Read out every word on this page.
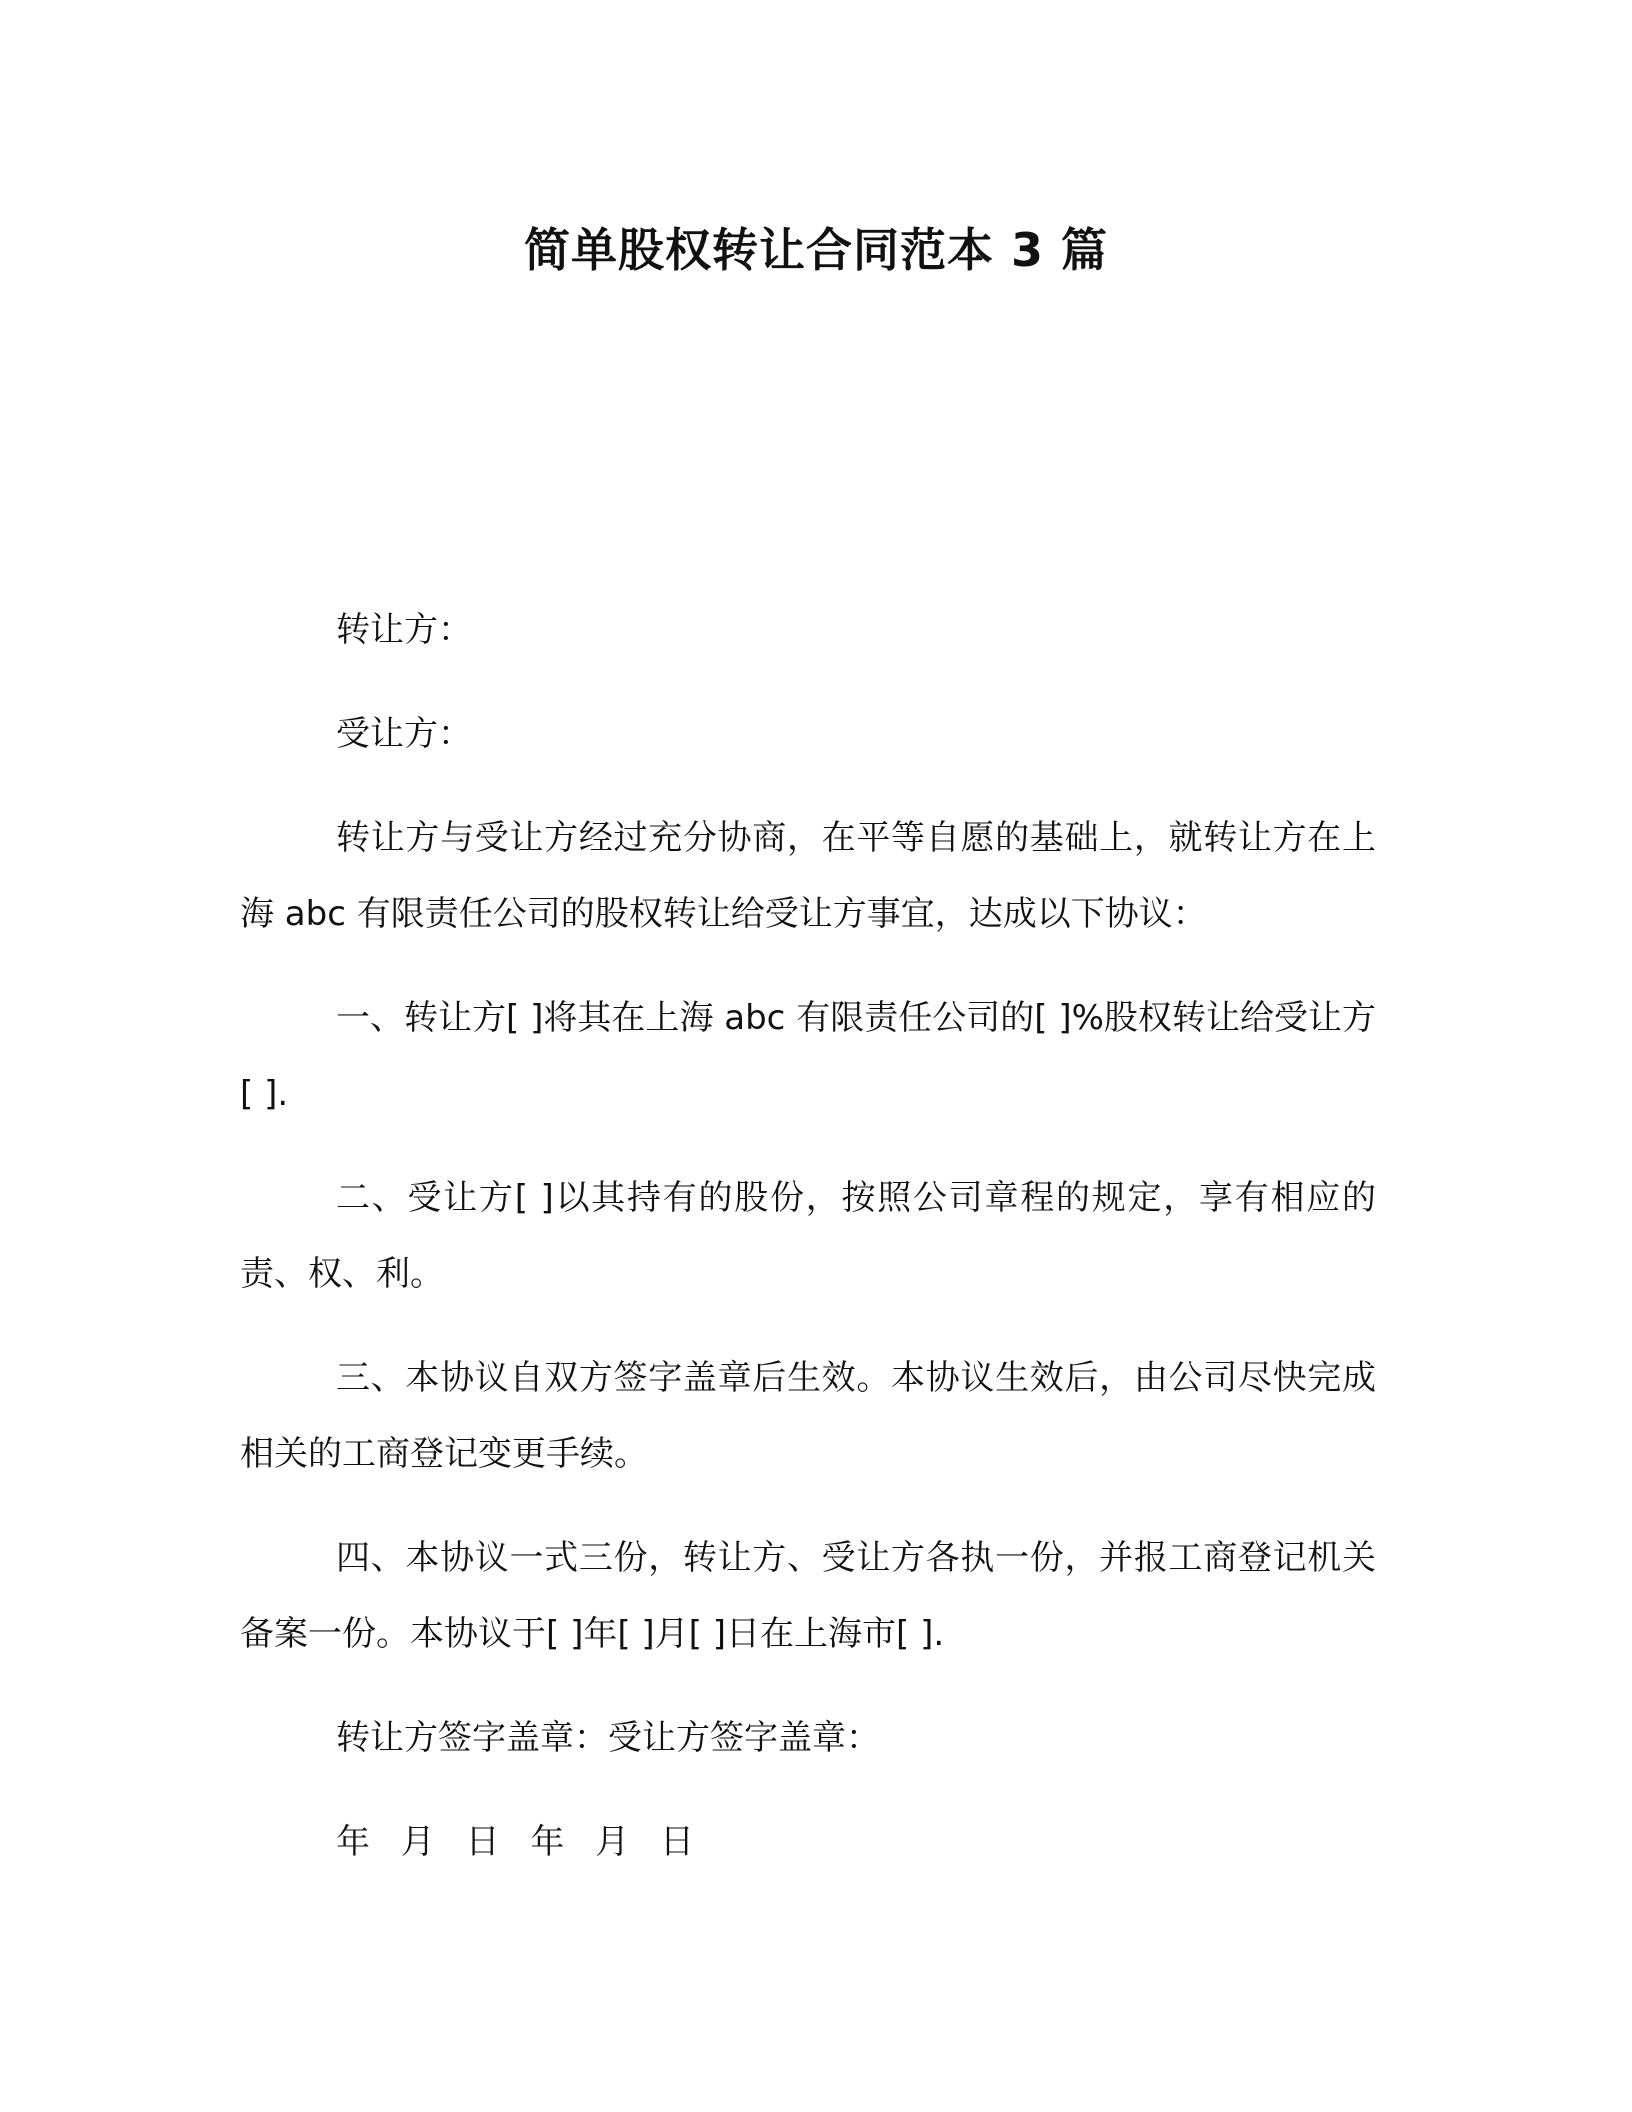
简单股权转让合同范本 3 篇

转让方：

受让方：

转让方与受让方经过充分协商，在平等自愿的基础上，就转让方在上海 abc 有限责任公司的股权转让给受让方事宜，达成以下协议：

一、转让方[ ]将其在上海 abc 有限责任公司的[ ]%股权转让给受让方[ ].

二、受让方[ ]以其持有的股份，按照公司章程的规定，享有相应的责、权、利。

三、本协议自双方签字盖章后生效。本协议生效后，由公司尽快完成相关的工商登记变更手续。

四、本协议一式三份，转让方、受让方各执一份，并报工商登记机关备案一份。本协议于[ ]年[ ]月[ ]日在上海市[ ].

转让方签字盖章：受让方签字盖章：

年 月 日 年 月 日
